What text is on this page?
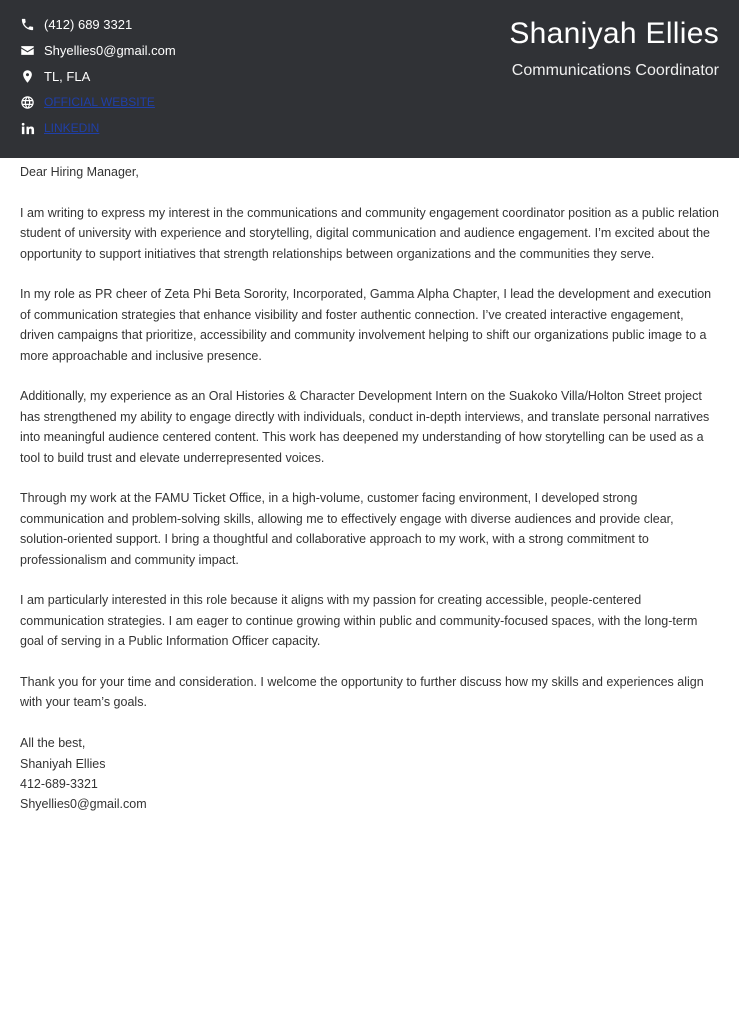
(412) 689 3321
Shyellies0@gmail.com
TL, FLA
OFFICIAL WEBSITE
LINKEDIN
Shaniyah Ellies
Communications Coordinator

Dear Hiring Manager,

I am writing to express my interest in the communications and community engagement coordinator position as a public relation student of university with experience and storytelling, digital communication and audience engagement. I’m excited about the opportunity to support initiatives that strength relationships between organizations and the communities they serve.

In my role as PR cheer of Zeta Phi Beta Sorority, Incorporated, Gamma Alpha Chapter, I lead the development and execution of communication strategies that enhance visibility and foster authentic connection. I’ve created interactive engagement, driven campaigns that prioritize, accessibility and community involvement helping to shift our organizations public image to a more approachable and inclusive presence.

Additionally, my experience as an Oral Histories & Character Development Intern on the Suakoko Villa/Holton Street project has strengthened my ability to engage directly with individuals, conduct in-depth interviews, and translate personal narratives into meaningful audience centered content. This work has deepened my understanding of how storytelling can be used as a tool to build trust and elevate underrepresented voices.

Through my work at the FAMU Ticket Office, in a high-volume, customer facing environment, I developed strong communication and problem-solving skills, allowing me to effectively engage with diverse audiences and provide clear, solution-oriented support. I bring a thoughtful and collaborative approach to my work, with a strong commitment to professionalism and community impact.

I am particularly interested in this role because it aligns with my passion for creating accessible, people-centered communication strategies. I am eager to continue growing within public and community-focused spaces, with the long-term goal of serving in a Public Information Officer capacity.

Thank you for your time and consideration. I welcome the opportunity to further discuss how my skills and experiences align with your team’s goals.

All the best,
Shaniyah Ellies
412-689-3321
Shyellies0@gmail.com
